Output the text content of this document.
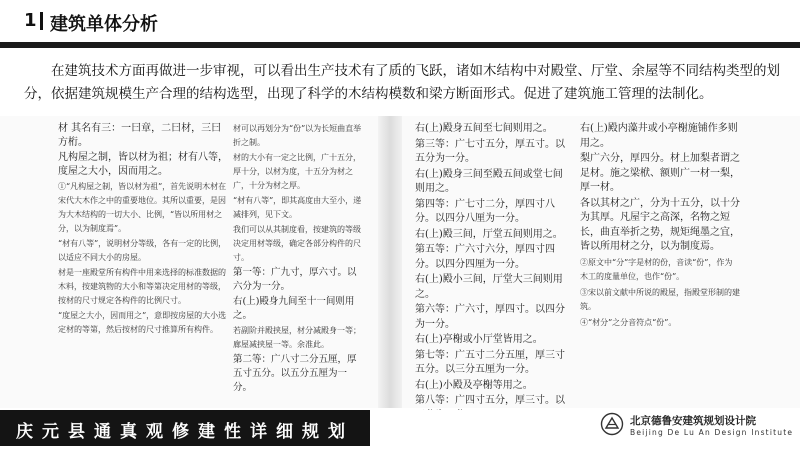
1 建筑单体分析
在建筑技术方面再做进一步审视，可以看出生产技术有了质的飞跃，诸如木结构中对殿堂、厅堂、余屋等不同结构类型的划分，依据建筑规模生产合理的结构选型，出现了科学的木结构模数和梁方断面形式。促进了建筑施工管理的法制化。

材 其名有三：一曰章，二曰材，三曰方桁。

凡构屋之制，皆以材为祖；材有八等，度屋之大小，因而用之。

①“凡构屋之制，皆以材为祖”，首先说明木材在宋代大木作之中的重要地位。其所以重要，是因为大木结构的一切大小、比例，“皆以所用材之分，以为制度焉”。

“材有八等”，说明材分等级，各有一定的比例，以适应不同大小的房屋。

材是一座殿堂所有构件中用来选择的标准数据的木料，按建筑物的大小和等第决定用材的等级，按材的尺寸规定各构件的比例尺寸。

“度屋之大小，因而用之”，意即按房屋的大小选定材的等第，然后按材的尺寸推算所有构件。

材可以再划分为“份”以为长短曲直举折之制。

材的大小有一定之比例，广十五分，厚十分，以材为度，十五分为材之广，十分为材之厚。

“材有八等”，即其高度由大至小，递减排列，见下文。

我们可以从其制度看，按建筑的等级决定用材等级，确定各部分构件的尺寸。

第一等：广九寸，厚六寸。以六分为一分。

右(上)殿身九间至十一间则用之。

若副阶并殿挟屋，材分减殿身一等；廊屋减挟屋一等。余准此。

第二等：广八寸二分五厘，厚五寸五分。以五分五厘为一分。

右(上)殿身五间至七间则用之。

第三等：广七寸五分，厚五寸。以五分为一分。

右(上)殿身三间至殿五间或堂七间则用之。

第四等：广七寸二分，厚四寸八分。以四分八厘为一分。

右(上)殿三间，厅堂五间则用之。

第五等：广六寸六分，厚四寸四分。以四分四厘为一分。

右(上)殿小三间，厅堂大三间则用之。

第六等：广六寸，厚四寸。以四分为一分。

右(上)亭榭或小厅堂皆用之。

第七等：广五寸二分五厘，厚三寸五分。以三分五厘为一分。

右(上)小殿及亭榭等用之。

第八等：广四寸五分，厚三寸。以

右(上)殿内藻井或小亭榭施铺作多则用之。

梨广六分，厚四分。材上加梨者谓之足材。施之梁栿、额则广一材一梨，厚一材。

各以其材之广，分为十五分，以十分为其厚。凡屋宇之高深，名物之短长，曲直举折之势，规矩绳墨之宜，皆以所用材之分，以为制度焉。

②原文中“分”字是材的份，音读“份”，作为木工的度量单位，也作“份”。

③宋以前文献中所说的殿屋，指殿堂形制的建筑。

④“材分”之分音符点“份”。

庆元县通真观修建性详细规划
北京德鲁安建筑规划设计院
Beijing De Lu An Design Institute
